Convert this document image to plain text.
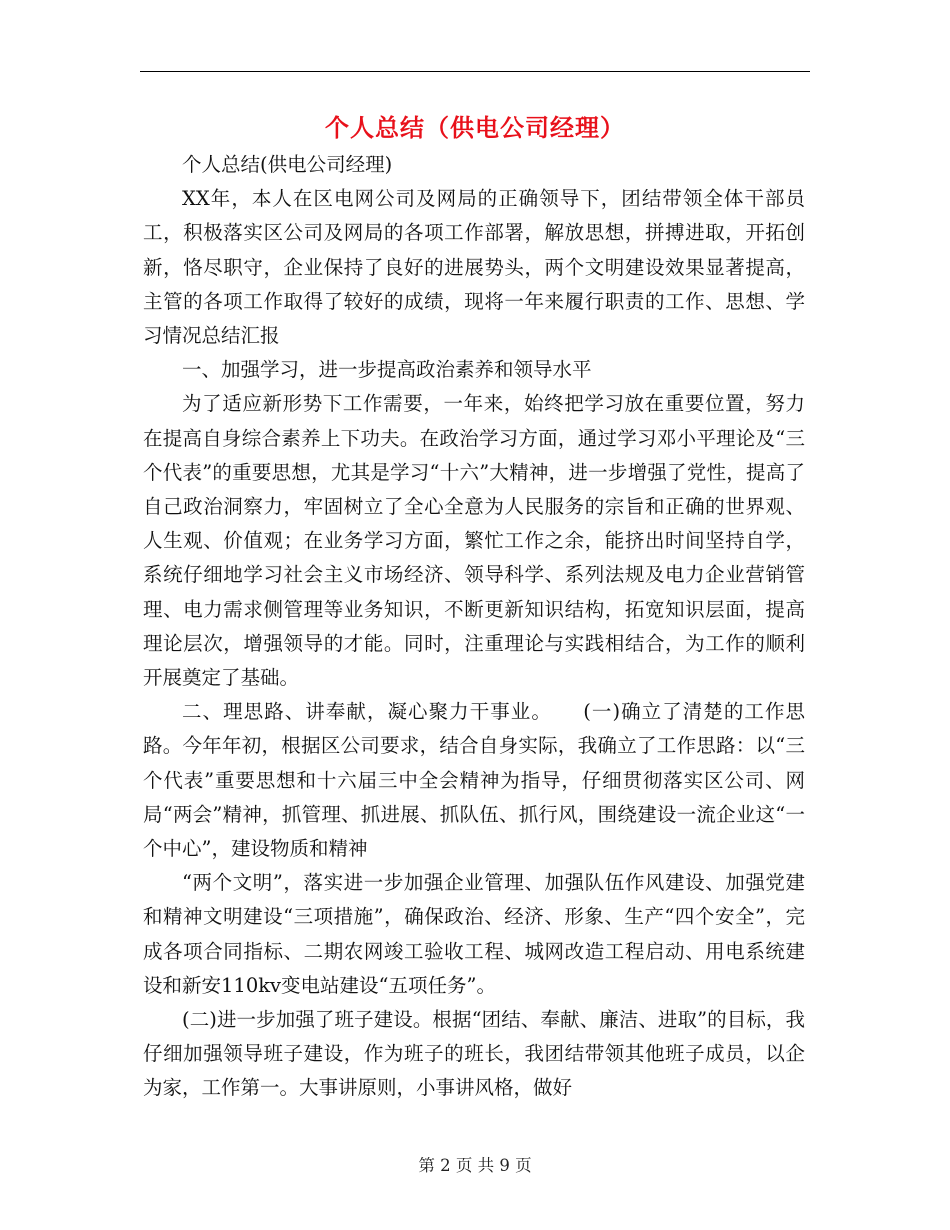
个人总结（供电公司经理）

个人总结(供电公司经理)

XX年，本人在区电网公司及网局的正确领导下，团结带领全体干部员工，积极落实区公司及网局的各项工作部署，解放思想，拼搏进取，开拓创新，恪尽职守，企业保持了良好的进展势头，两个文明建设效果显著提高，主管的各项工作取得了较好的成绩，现将一年来履行职责的工作、思想、学习情况总结汇报

一、加强学习，进一步提高政治素养和领导水平

为了适应新形势下工作需要，一年来，始终把学习放在重要位置，努力在提高自身综合素养上下功夫。在政治学习方面，通过学习邓小平理论及“三个代表”的重要思想，尤其是学习“十六”大精神，进一步增强了党性，提高了自己政治洞察力，牢固树立了全心全意为人民服务的宗旨和正确的世界观、人生观、价值观；在业务学习方面，繁忙工作之余，能挤出时间坚持自学，系统仔细地学习社会主义市场经济、领导科学、系列法规及电力企业营销管理、电力需求侧管理等业务知识，不断更新知识结构，拓宽知识层面，提高理论层次，增强领导的才能。同时，注重理论与实践相结合，为工作的顺利开展奠定了基础。

二、理思路、讲奉献，凝心聚力干事业。　　(一)确立了清楚的工作思路。今年年初，根据区公司要求，结合自身实际，我确立了工作思路：以“三个代表”重要思想和十六届三中全会精神为指导，仔细贯彻落实区公司、网局“两会”精神，抓管理、抓进展、抓队伍、抓行风，围绕建设一流企业这“一个中心”，建设物质和精神

“两个文明”，落实进一步加强企业管理、加强队伍作风建设、加强党建和精神文明建设“三项措施”，确保政治、经济、形象、生产“四个安全”，完成各项合同指标、二期农网竣工验收工程、城网改造工程启动、用电系统建设和新安110kv变电站建设“五项任务”。

(二)进一步加强了班子建设。根据“团结、奉献、廉洁、进取”的目标，我仔细加强领导班子建设，作为班子的班长，我团结带领其他班子成员，以企为家，工作第一。大事讲原则，小事讲风格，做好

第 2 页 共 9 页
